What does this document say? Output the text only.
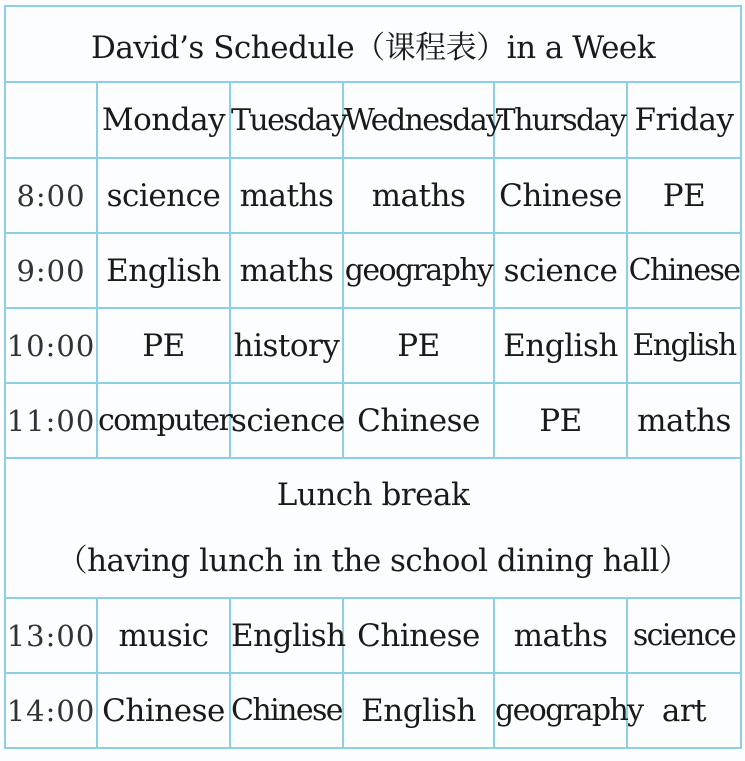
David’s Schedule（课程表）in a Week					
	Monday	Tuesday	Wednesday	Thursday	Friday
8:00	science	maths	maths	Chinese	PE
9:00	English	maths	geography	science	Chinese
10:00	PE	history	PE	English	English
11:00	computer	science	Chinese	PE	maths

Lunch break
（having lunch in the school dining hall）					

13:00	music	English	Chinese	maths	science
14:00	Chinese	Chinese	English	geography	art
